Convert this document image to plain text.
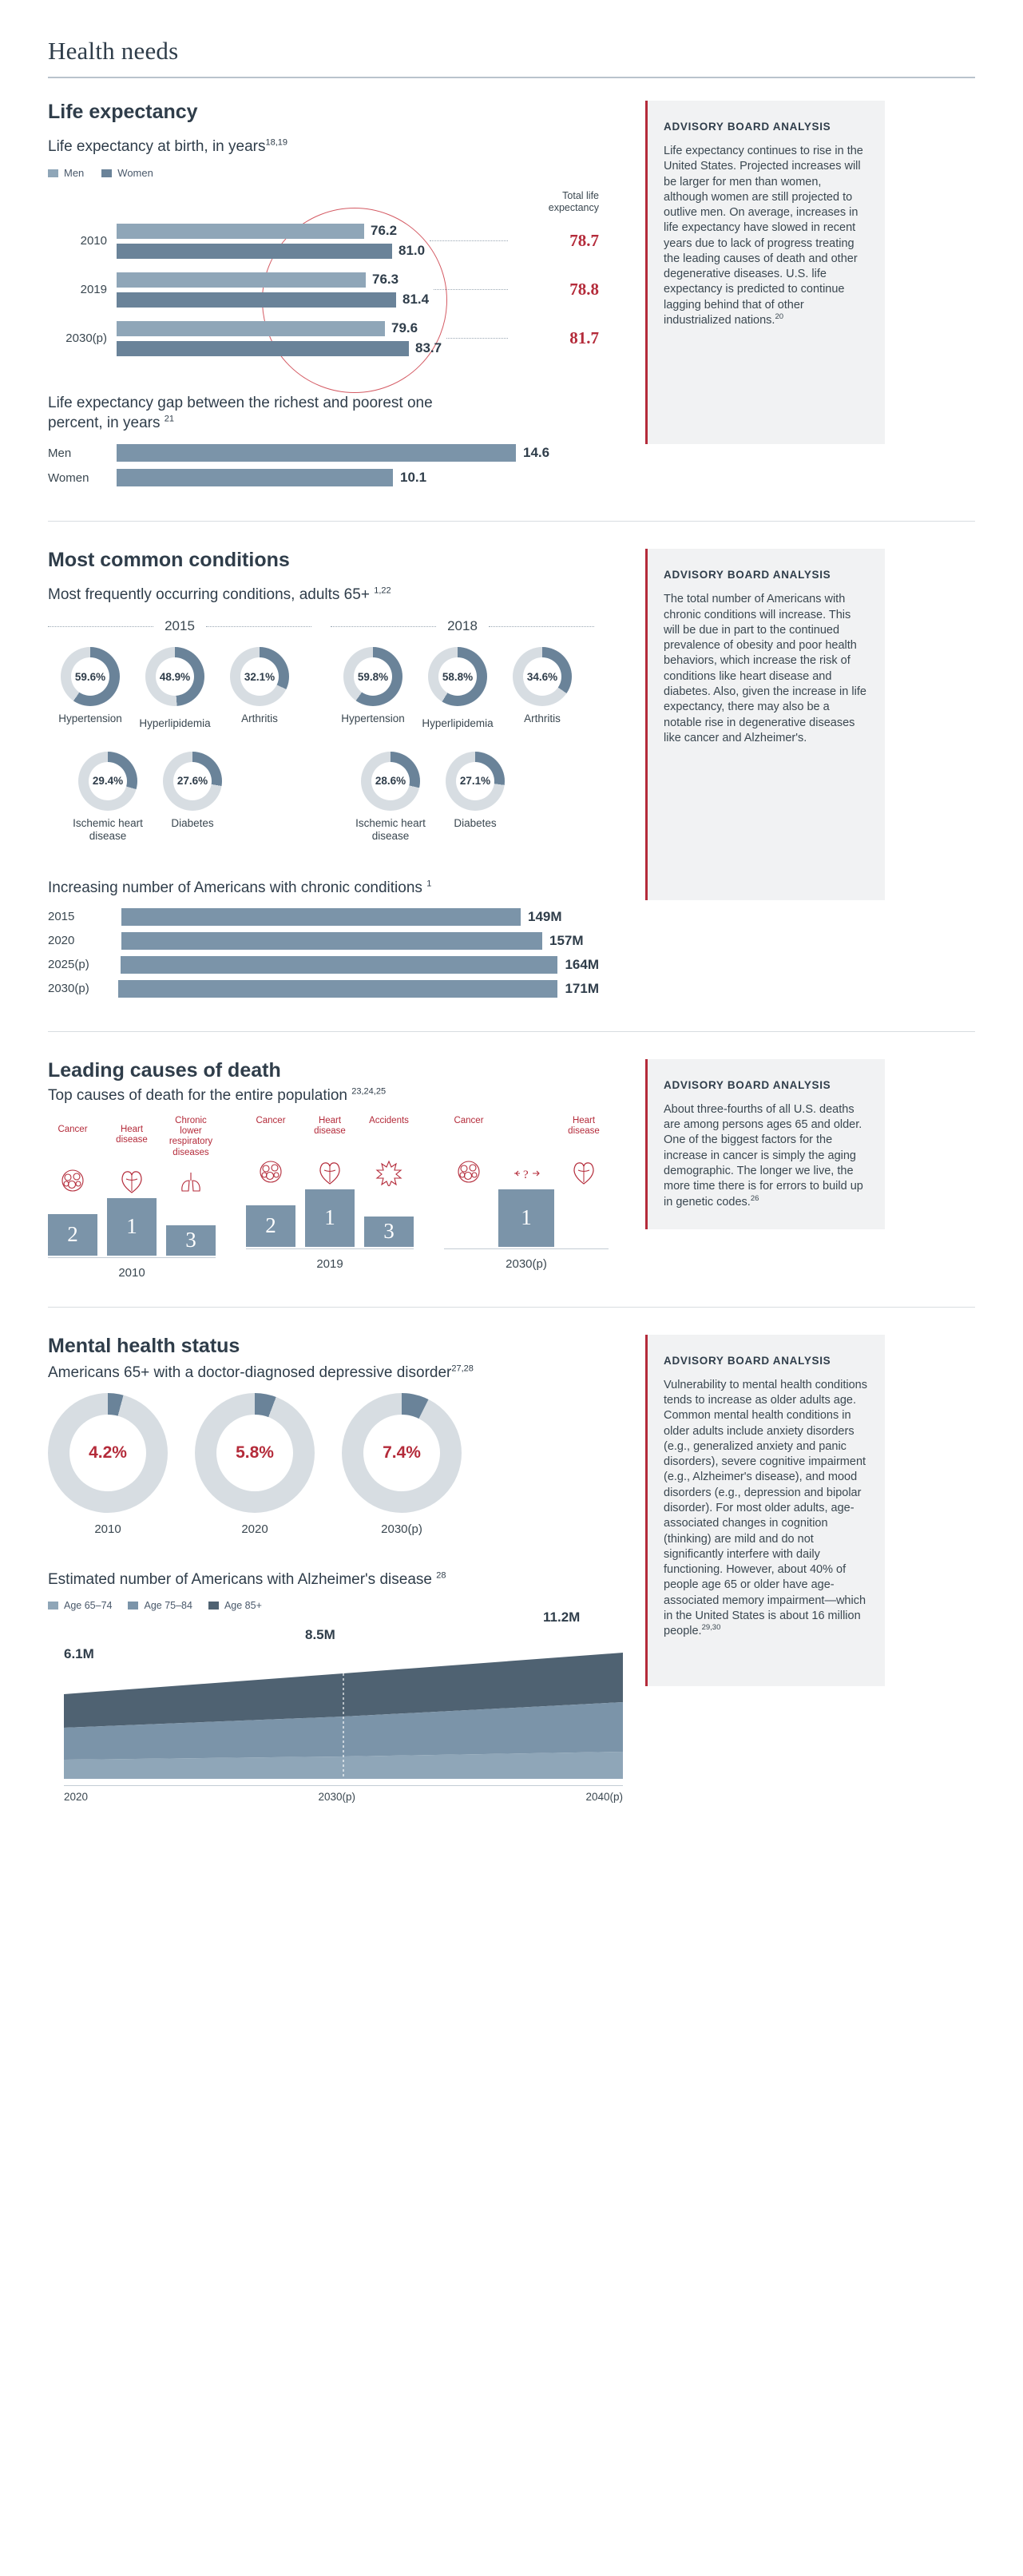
Health needs
Life expectancy
Life expectancy at birth, in years$^{18,19}$
Men	Women
Total life expectancy
2010
76.2
81.0
78.7
2019
76.3
81.4
78.8
2030(p)
79.6
83.7
81.7
Life expectancy gap between the richest and poorest one percent, in years $^{21}$
Men	14.6
Women	10.1
ADVISORY BOARD ANALYSIS

Life expectancy continues to rise in the United States. Projected increases will be larger for men than women, although women are still projected to outlive men. On average, increases in life expectancy have slowed in recent years due to lack of progress treating the leading causes of death and other degenerative diseases. U.S. life expectancy is predicted to continue lagging behind that of other industrialized nations.$^{20}$

Most common conditions
Most frequently occurring conditions, adults 65+ $^{1,22}$
2015
59.6%
Hypertension
48.9%
Hyperlipidemia
32.1%
Arthritis
29.4%
Ischemic heart disease
27.6%
Diabetes
2018
59.8%
Hypertension
58.8%
Hyperlipidemia
34.6%
Arthritis
28.6%
Ischemic heart disease
27.1%
Diabetes
Increasing number of Americans with chronic conditions $^1$
2015	149M
2020	157M
2025(p)	164M
2030(p)	171M
ADVISORY BOARD ANALYSIS

The total number of Americans with chronic conditions will increase. This will be due in part to the continued prevalence of obesity and poor health behaviors, which increase the risk of conditions like heart disease and diabetes. Also, given the increase in life expectancy, there may also be a notable rise in degenerative diseases like cancer and Alzheimer's.

Leading causes of death
Top causes of death for the entire population $^{23,24,25}$
Cancer	Heart disease
Chronic lower respiratory diseases
2	1
3
2010
Cancer	Heart disease
Accidents
2	1
3
2019
Cancer
?
Heart disease
1
2030(p)
ADVISORY BOARD ANALYSIS

About three-fourths of all U.S. deaths are among persons ages 65 and older. One of the biggest factors for the increase in cancer is simply the aging demographic. The longer we live, the more time there is for errors to build up in genetic codes.$^{26}$

Mental health status
Americans 65+ with a doctor-diagnosed depressive disorder$^{27,28}$
4.2%
2010
5.8%
2020
7.4%
2030(p)
Estimated number of Americans with Alzheimer's disease $^{28}$
Age 65–74	Age 75–84	Age 85+
6.1M
8.5M
11.2M
2020	2030(p)	2040(p)
ADVISORY BOARD ANALYSIS

Vulnerability to mental health conditions tends to increase as older adults age. Common mental health conditions in older adults include anxiety disorders (e.g., generalized anxiety and panic disorders), severe cognitive impairment (e.g., Alzheimer's disease), and mood disorders (e.g., depression and bipolar disorder). For most older adults, age-associated changes in cognition (thinking) are mild and do not significantly interfere with daily functioning. However, about 40% of people age 65 or older have age-associated memory impairment—which in the United States is about 16 million people.$^{29,30}$
